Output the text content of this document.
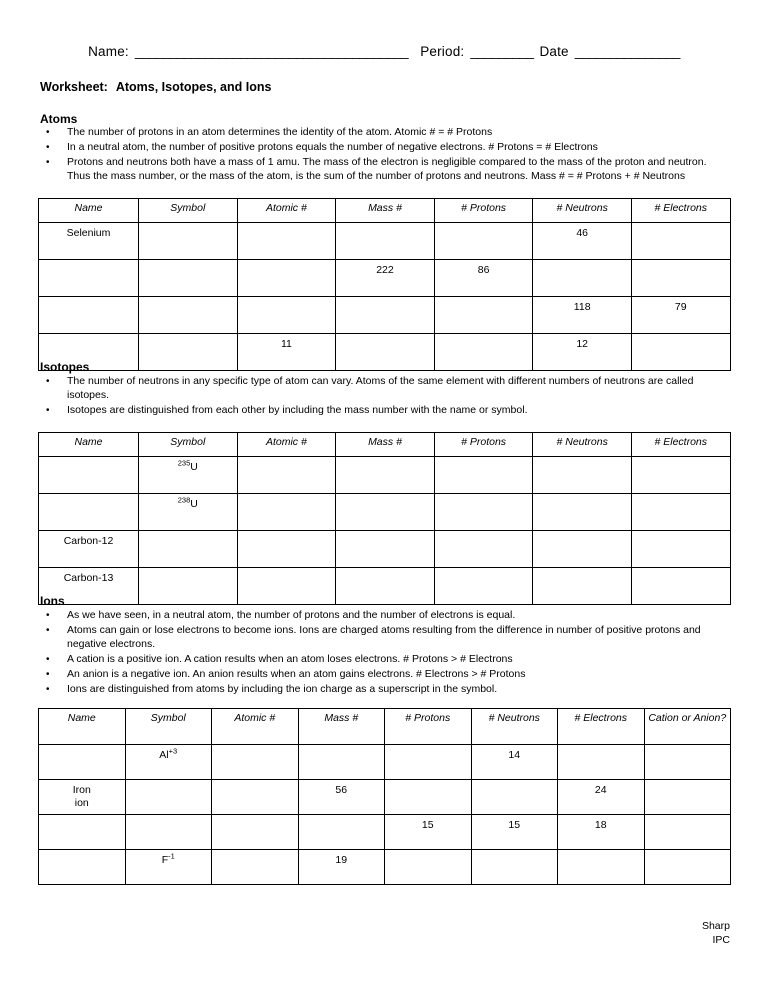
Name: _______________________________________ Period: _________ Date _______________
Worksheet: Atoms, Isotopes, and Ions
Atoms
• The number of protons in an atom determines the identity of the atom. Atomic # = # Protons
• In a neutral atom, the number of positive protons equals the number of negative electrons. # Protons = # Electrons
• Protons and neutrons both have a mass of 1 amu. The mass of the electron is negligible compared to the mass of the proton and neutron. Thus the mass number, or the mass of the atom, is the sum of the number of protons and neutrons. Mass # = # Protons + # Neutrons
Name	Symbol	Atomic #	Mass #	# Protons	# Neutrons	# Electrons
Selenium					46	
			222	86		
					118	79
		11			12	
Isotopes
• The number of neutrons in any specific type of atom can vary. Atoms of the same element with different numbers of neutrons are called isotopes.
• Isotopes are distinguished from each other by including the mass number with the name or symbol.
Name	Symbol	Atomic #	Mass #	# Protons	# Neutrons	# Electrons
	$^{235}$U					
	$^{238}$U					
Carbon-12						
Carbon-13						
Ions
• As we have seen, in a neutral atom, the number of protons and the number of electrons is equal.
• Atoms can gain or lose electrons to become ions. Ions are charged atoms resulting from the difference in number of positive protons and negative electrons.
• A cation is a positive ion. A cation results when an atom loses electrons. # Protons > # Electrons
• An anion is a negative ion. An anion results when an atom gains electrons. # Electrons > # Protons
• Ions are distinguished from atoms by including the ion charge as a superscript in the symbol.
Name	Symbol	Atomic #	Mass #	# Protons	# Neutrons	# Electrons	Cation or Anion?
	$Al^{+3}$				14		

Iron
ion			56			24	
				15	15	18	
	$F^{-1}$		19				
Sharp
IPC
